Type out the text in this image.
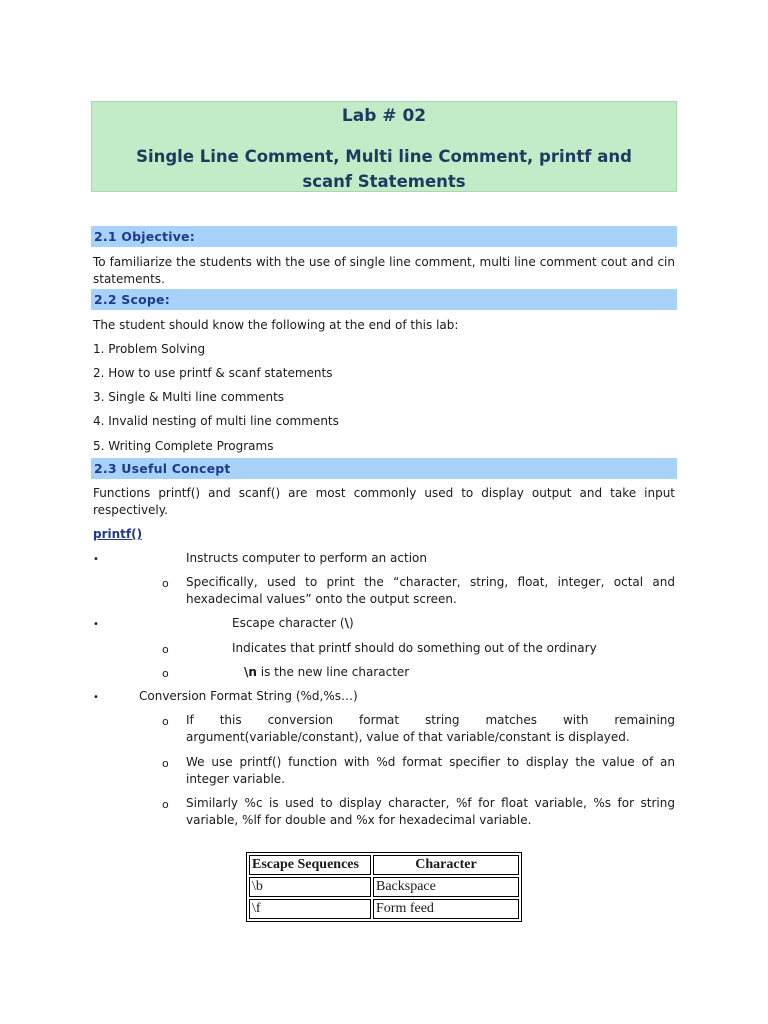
Lab # 02
Single Line Comment, Multi line Comment, printf and scanf Statements
2.1 Objective:
To familiarize the students with the use of single line comment, multi line comment cout and cin statements.
2.2 Scope:
The student should know the following at the end of this lab:
1. Problem Solving
2. How to use printf & scanf statements
3. Single & Multi line comments
4. Invalid nesting of multi line comments
5. Writing Complete Programs
2.3 Useful Concept
Functions printf() and scanf() are most commonly used to display output and take input respectively.
printf()
•	Instructs computer to perform an action
o Specifically, used to print the “character, string, float, integer, octal and hexadecimal values” onto the output screen.
•	Escape character (\)
o	Indicates that printf should do something out of the ordinary
o	\n is the new line character
•	Conversion Format String (%d,%s…)
o If this conversion format string matches with remaining argument(variable/constant), value of that variable/constant is displayed.
o We use printf() function with %d format specifier to display the value of an integer variable.
o Similarly %c is used to display character, %f for float variable, %s for string variable, %lf for double and %x for hexadecimal variable.
Escape Sequences	Character
\b	Backspace
\f	Form feed
